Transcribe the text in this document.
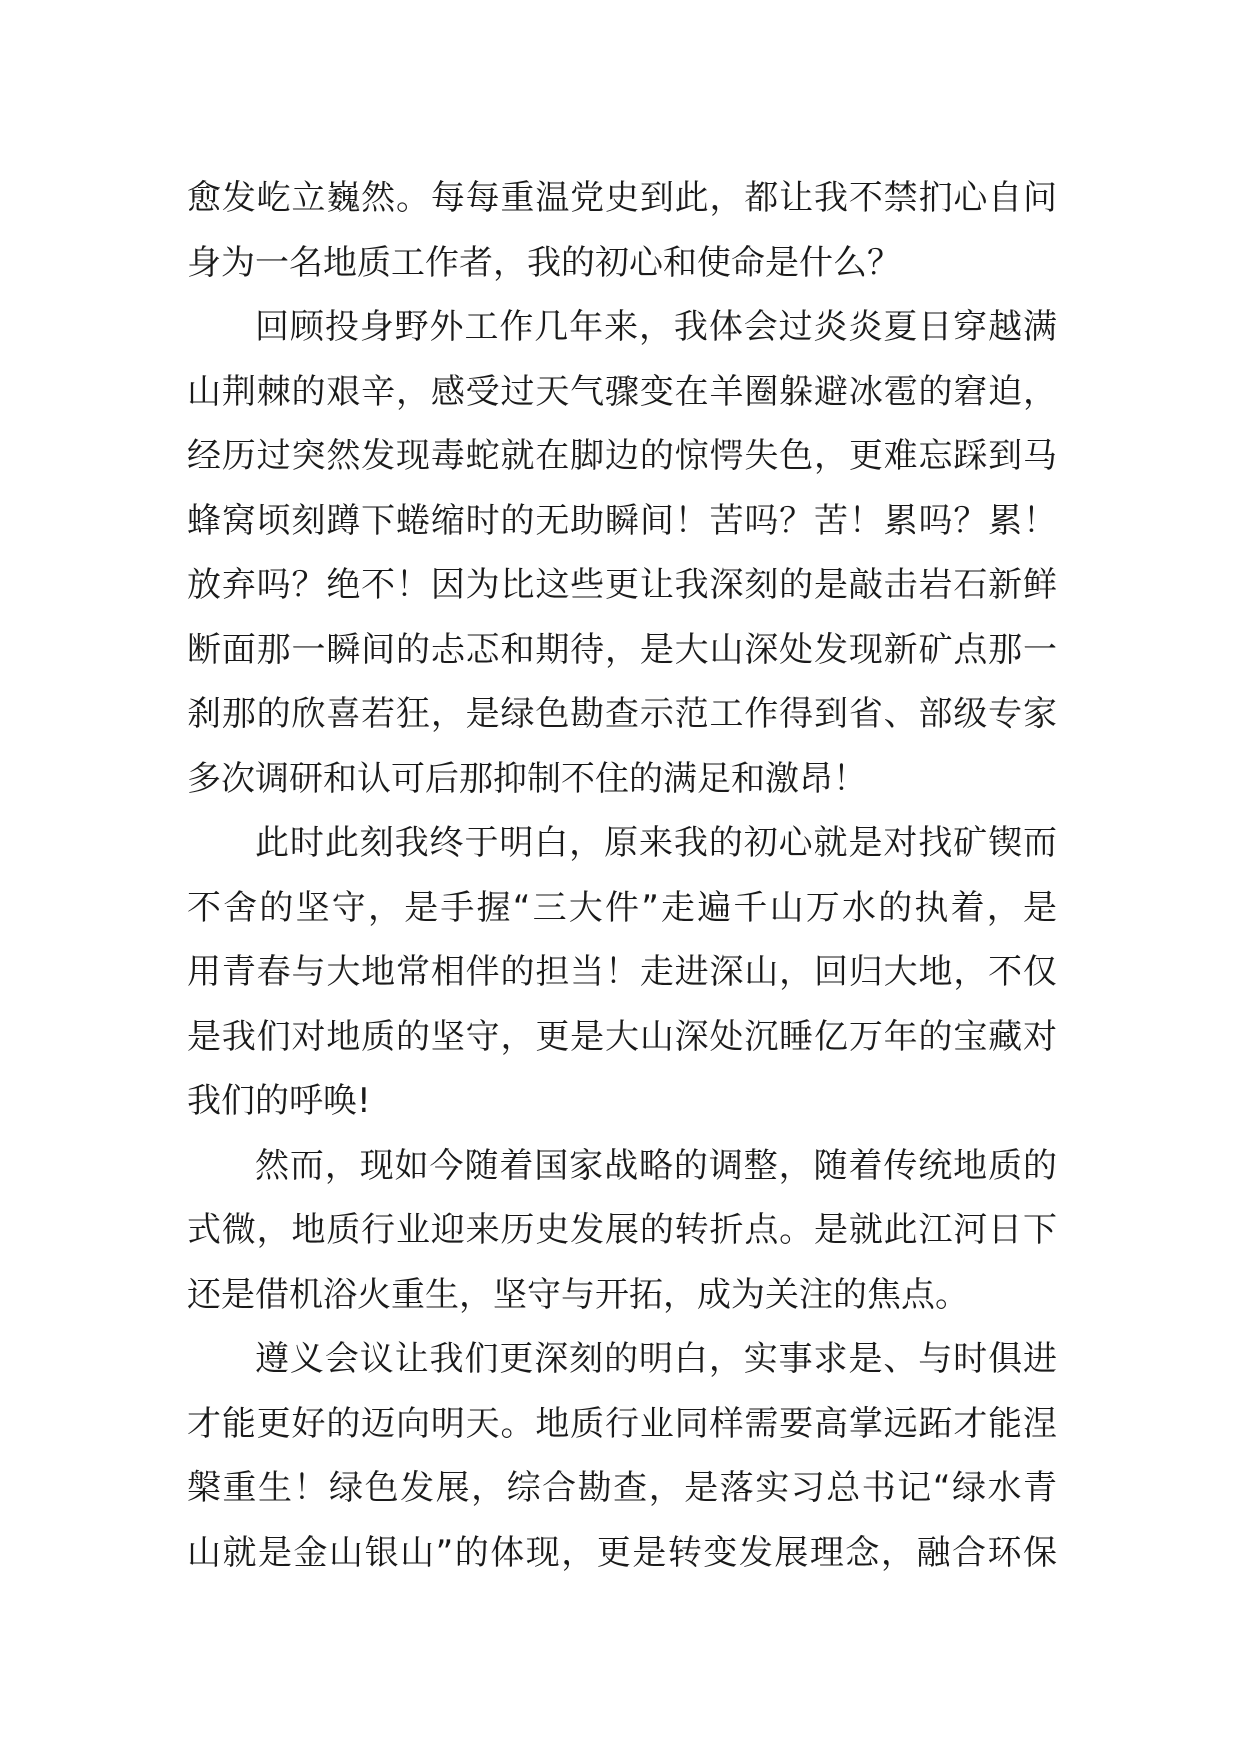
愈发屹立巍然。每每重温党史到此，都让我不禁扪心自问
身为一名地质工作者，我的初心和使命是什么？
回顾投身野外工作几年来，我体会过炎炎夏日穿越满
山荆棘的艰辛，感受过天气骤变在羊圈躲避冰雹的窘迫，
经历过突然发现毒蛇就在脚边的惊愕失色，更难忘踩到马
蜂窝顷刻蹲下蜷缩时的无助瞬间！苦吗？苦！累吗？累！
放弃吗？绝不！因为比这些更让我深刻的是敲击岩石新鲜
断面那一瞬间的忐忑和期待，是大山深处发现新矿点那一
刹那的欣喜若狂，是绿色勘查示范工作得到省、部级专家
多次调研和认可后那抑制不住的满足和激昂！
此时此刻我终于明白，原来我的初心就是对找矿锲而
不舍的坚守，是手握“三大件”走遍千山万水的执着，是
用青春与大地常相伴的担当！走进深山，回归大地，不仅
是我们对地质的坚守，更是大山深处沉睡亿万年的宝藏对
我们的呼唤!
然而，现如今随着国家战略的调整，随着传统地质的
式微，地质行业迎来历史发展的转折点。是就此江河日下
还是借机浴火重生，坚守与开拓，成为关注的焦点。
遵义会议让我们更深刻的明白，实事求是、与时俱进
才能更好的迈向明天。地质行业同样需要高掌远跖才能涅
槃重生！绿色发展，综合勘查，是落实习总书记“绿水青
山就是金山银山”的体现，更是转变发展理念，融合环保
